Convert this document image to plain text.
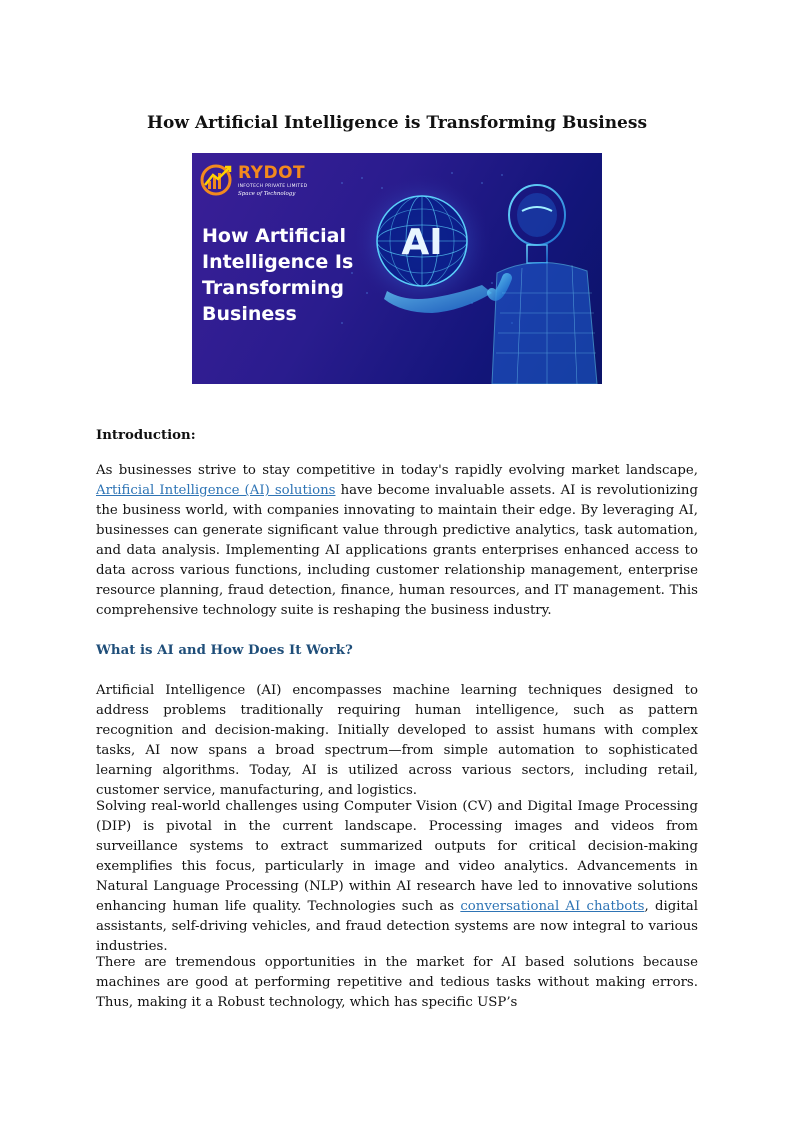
How Artificial Intelligence is Transforming Business
RYDOT
INFOTECH PRIVATE LIMITED
Space of Technology
How Artificial
Intelligence Is
Transforming
Business
AI
Introduction:

As businesses strive to stay competitive in today's rapidly evolving market landscape, Artificial Intelligence (AI) solutions have become invaluable assets. AI is revolutionizing the business world, with companies innovating to maintain their edge. By leveraging AI, businesses can generate significant value through predictive analytics, task automation, and data analysis. Implementing AI applications grants enterprises enhanced access to data across various functions, including customer relationship management, enterprise resource planning, fraud detection, finance, human resources, and IT management. This comprehensive technology suite is reshaping the business industry.

What is AI and How Does It Work?

Artificial Intelligence (AI) encompasses machine learning techniques designed to address problems traditionally requiring human intelligence, such as pattern recognition and decision-making. Initially developed to assist humans with complex tasks, AI now spans a broad spectrum—from simple automation to sophisticated learning algorithms. Today, AI is utilized across various sectors, including retail, customer service, manufacturing, and logistics.

Solving real-world challenges using Computer Vision (CV) and Digital Image Processing (DIP) is pivotal in the current landscape. Processing images and videos from surveillance systems to extract summarized outputs for critical decision-making exemplifies this focus, particularly in image and video analytics. Advancements in Natural Language Processing (NLP) within AI research have led to innovative solutions enhancing human life quality. Technologies such as conversational AI chatbots, digital assistants, self-driving vehicles, and fraud detection systems are now integral to various industries.

There are tremendous opportunities in the market for AI based solutions because machines are good at performing repetitive and tedious tasks without making errors. Thus, making it a Robust technology, which has specific USP’s
